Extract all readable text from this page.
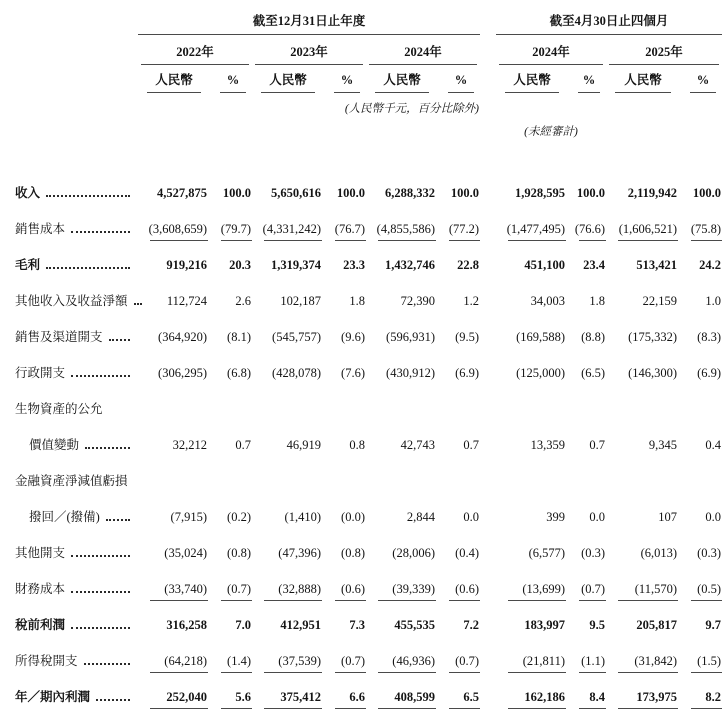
	截至12月31日止年度							截至4月30日止四個月			

	2022年		2023年		2024年			2024年		2025年	

	人民幣	%	人民幣	%	人民幣	%		人民幣	%	人民幣	%

	(人民幣千元，百分比除外)										
								(未經審計)			

收入	4,527,875	100.0	5,650,616	100.0	6,288,332	100.0		1,928,595	100.0	2,119,942	100.0

銷售成本	(3,608,659)	(79.7)	(4,331,242)	(76.7)	(4,855,586)	(77.2)		(1,477,495)	(76.6)	(1,606,521)	(75.8)

毛利	919,216	20.3	1,319,374	23.3	1,432,746	22.8		451,100	23.4	513,421	24.2

其他收入及收益淨額	112,724	2.6	102,187	1.8	72,390	1.2		34,003	1.8	22,159	1.0

銷售及渠道開支	(364,920)	(8.1)	(545,757)	(9.6)	(596,931)	(9.5)		(169,588)	(8.8)	(175,332)	(8.3)

行政開支	(306,295)	(6.8)	(428,078)	(7.6)	(430,912)	(6.9)		(125,000)	(6.5)	(146,300)	(6.9)

生物資產的公允											

價值變動	32,212	0.7	46,919	0.8	42,743	0.7		13,359	0.7	9,345	0.4

金融資產淨減值虧損											

撥回／(撥備)	(7,915)	(0.2)	(1,410)	(0.0)	2,844	0.0		399	0.0	107	0.0

其他開支	(35,024)	(0.8)	(47,396)	(0.8)	(28,006)	(0.4)		(6,577)	(0.3)	(6,013)	(0.3)

財務成本	(33,740)	(0.7)	(32,888)	(0.6)	(39,339)	(0.6)		(13,699)	(0.7)	(11,570)	(0.5)

稅前利潤	316,258	7.0	412,951	7.3	455,535	7.2		183,997	9.5	205,817	9.7

所得稅開支	(64,218)	(1.4)	(37,539)	(0.7)	(46,936)	(0.7)		(21,811)	(1.1)	(31,842)	(1.5)

年／期內利潤	252,040	5.6	375,412	6.6	408,599	6.5		162,186	8.4	173,975	8.2
